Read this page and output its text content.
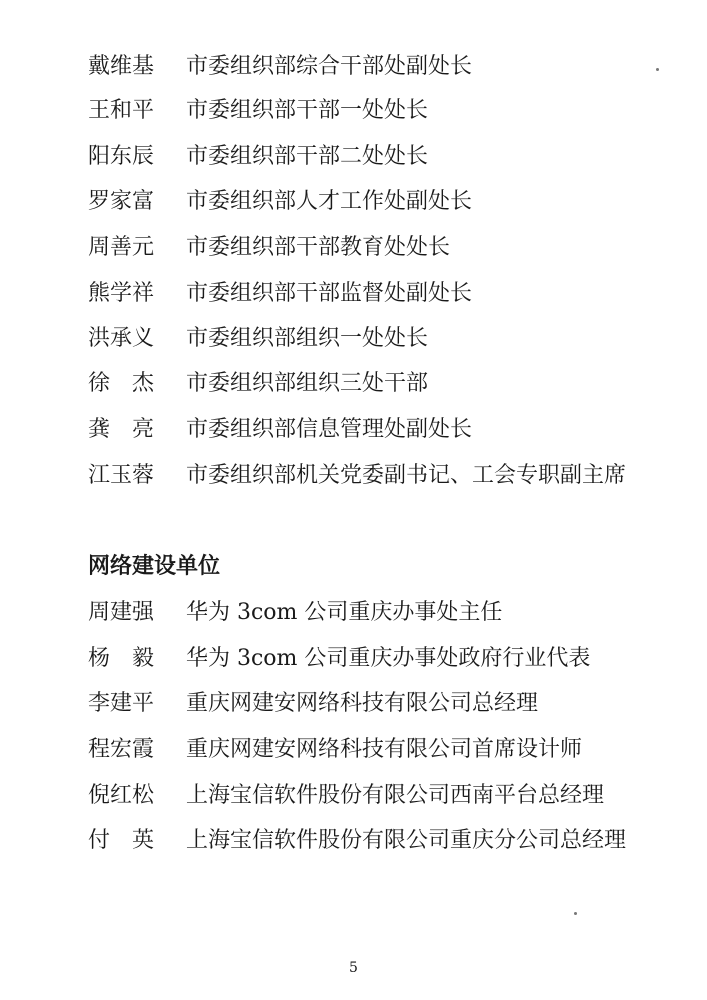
戴维基	市委组织部综合干部处副处长
王和平	市委组织部干部一处处长
阳东辰	市委组织部干部二处处长
罗家富	市委组织部人才工作处副处长
周善元	市委组织部干部教育处处长
熊学祥	市委组织部干部监督处副处长
洪承义	市委组织部组织一处处长
徐　杰	市委组织部组织三处干部
龚　亮	市委组织部信息管理处副处长
江玉蓉	市委组织部机关党委副书记、工会专职副主席
网络建设单位
周建强	华为 3com 公司重庆办事处主任
杨　毅	华为 3com 公司重庆办事处政府行业代表
李建平	重庆网建安网络科技有限公司总经理
程宏霞	重庆网建安网络科技有限公司首席设计师
倪红松	上海宝信软件股份有限公司西南平台总经理
付　英	上海宝信软件股份有限公司重庆分公司总经理
5
